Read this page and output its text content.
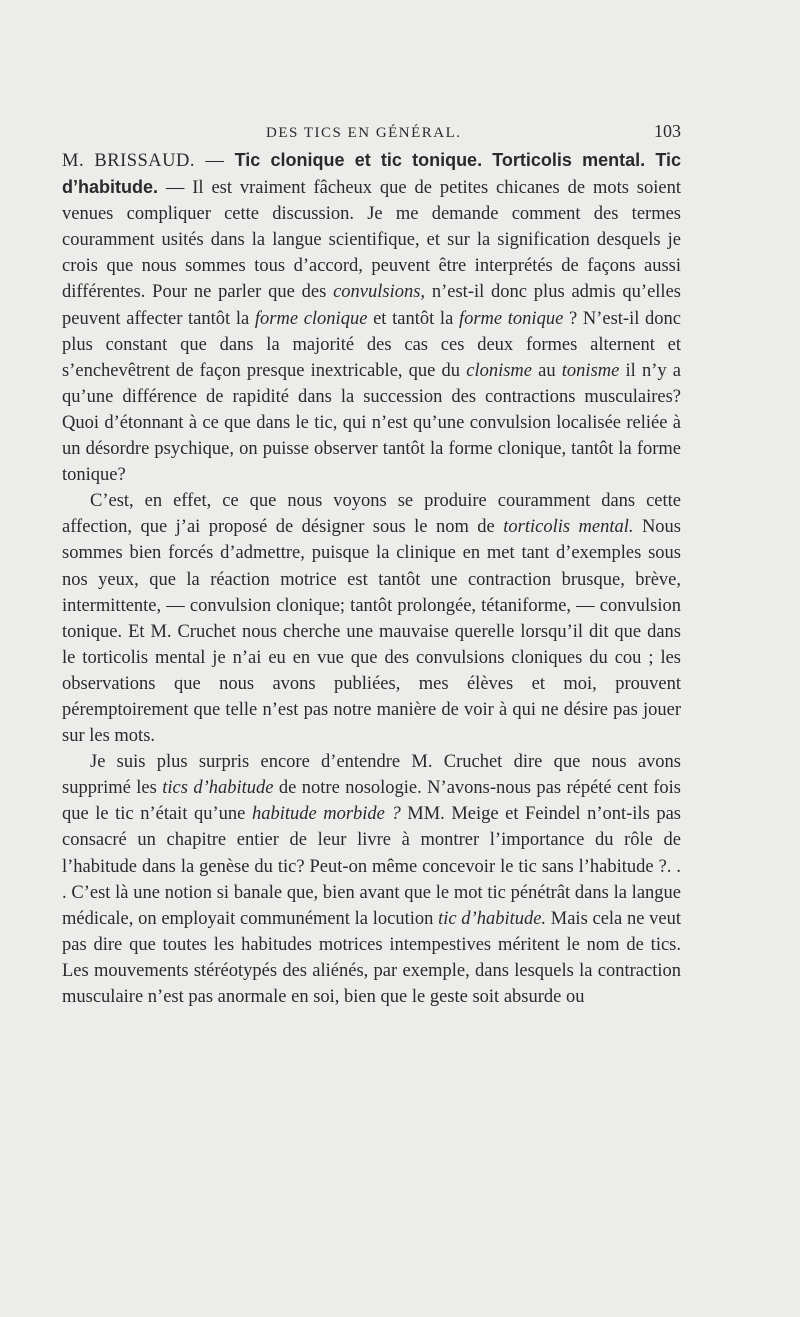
DES TICS EN GÉNÉRAL.	103

M. BRISSAUD. — Tic clonique et tic tonique. Torticolis mental. Tic d’habitude. — Il est vraiment fâcheux que de petites chicanes de mots soient venues compliquer cette discussion. Je me demande comment des termes couramment usités dans la langue scientifique, et sur la signification desquels je crois que nous sommes tous d’accord, peuvent être interprétés de façons aussi différentes. Pour ne parler que des convulsions, n’est-il donc plus admis qu’elles peuvent affecter tantôt la forme clonique et tantôt la forme tonique ? N’est-il donc plus constant que dans la majorité des cas ces deux formes alternent et s’enchevêtrent de façon presque inextricable, que du clonisme au tonisme il n’y a qu’une différence de rapidité dans la succession des contractions musculaires? Quoi d’étonnant à ce que dans le tic, qui n’est qu’une convulsion localisée reliée à un désordre psychique, on puisse observer tantôt la forme clonique, tantôt la forme tonique?

C’est, en effet, ce que nous voyons se produire couramment dans cette affection, que j’ai proposé de désigner sous le nom de torticolis mental. Nous sommes bien forcés d’admettre, puisque la clinique en met tant d’exemples sous nos yeux, que la réaction motrice est tantôt une contraction brusque, brève, intermittente, — convulsion clonique; tantôt prolongée, tétaniforme, — convulsion tonique. Et M. Cruchet nous cherche une mauvaise querelle lorsqu’il dit que dans le torticolis mental je n’ai eu en vue que des convulsions cloniques du cou ; les observations que nous avons publiées, mes élèves et moi, prouvent péremptoirement que telle n’est pas notre manière de voir à qui ne désire pas jouer sur les mots.

Je suis plus surpris encore d’entendre M. Cruchet dire que nous avons supprimé les tics d’habitude de notre nosologie. N’avons-nous pas répété cent fois que le tic n’était qu’une habitude morbide ? MM. Meige et Feindel n’ont-ils pas consacré un chapitre entier de leur livre à montrer l’importance du rôle de l’habitude dans la genèse du tic? Peut-on même concevoir le tic sans l’habitude ?. . . C’est là une notion si banale que, bien avant que le mot tic pénétrât dans la langue médicale, on employait communément la locution tic d’habitude. Mais cela ne veut pas dire que toutes les habitudes motrices intempestives méritent le nom de tics. Les mouvements stéréotypés des aliénés, par exemple, dans lesquels la contraction musculaire n’est pas anormale en soi, bien que le geste soit absurde ou
